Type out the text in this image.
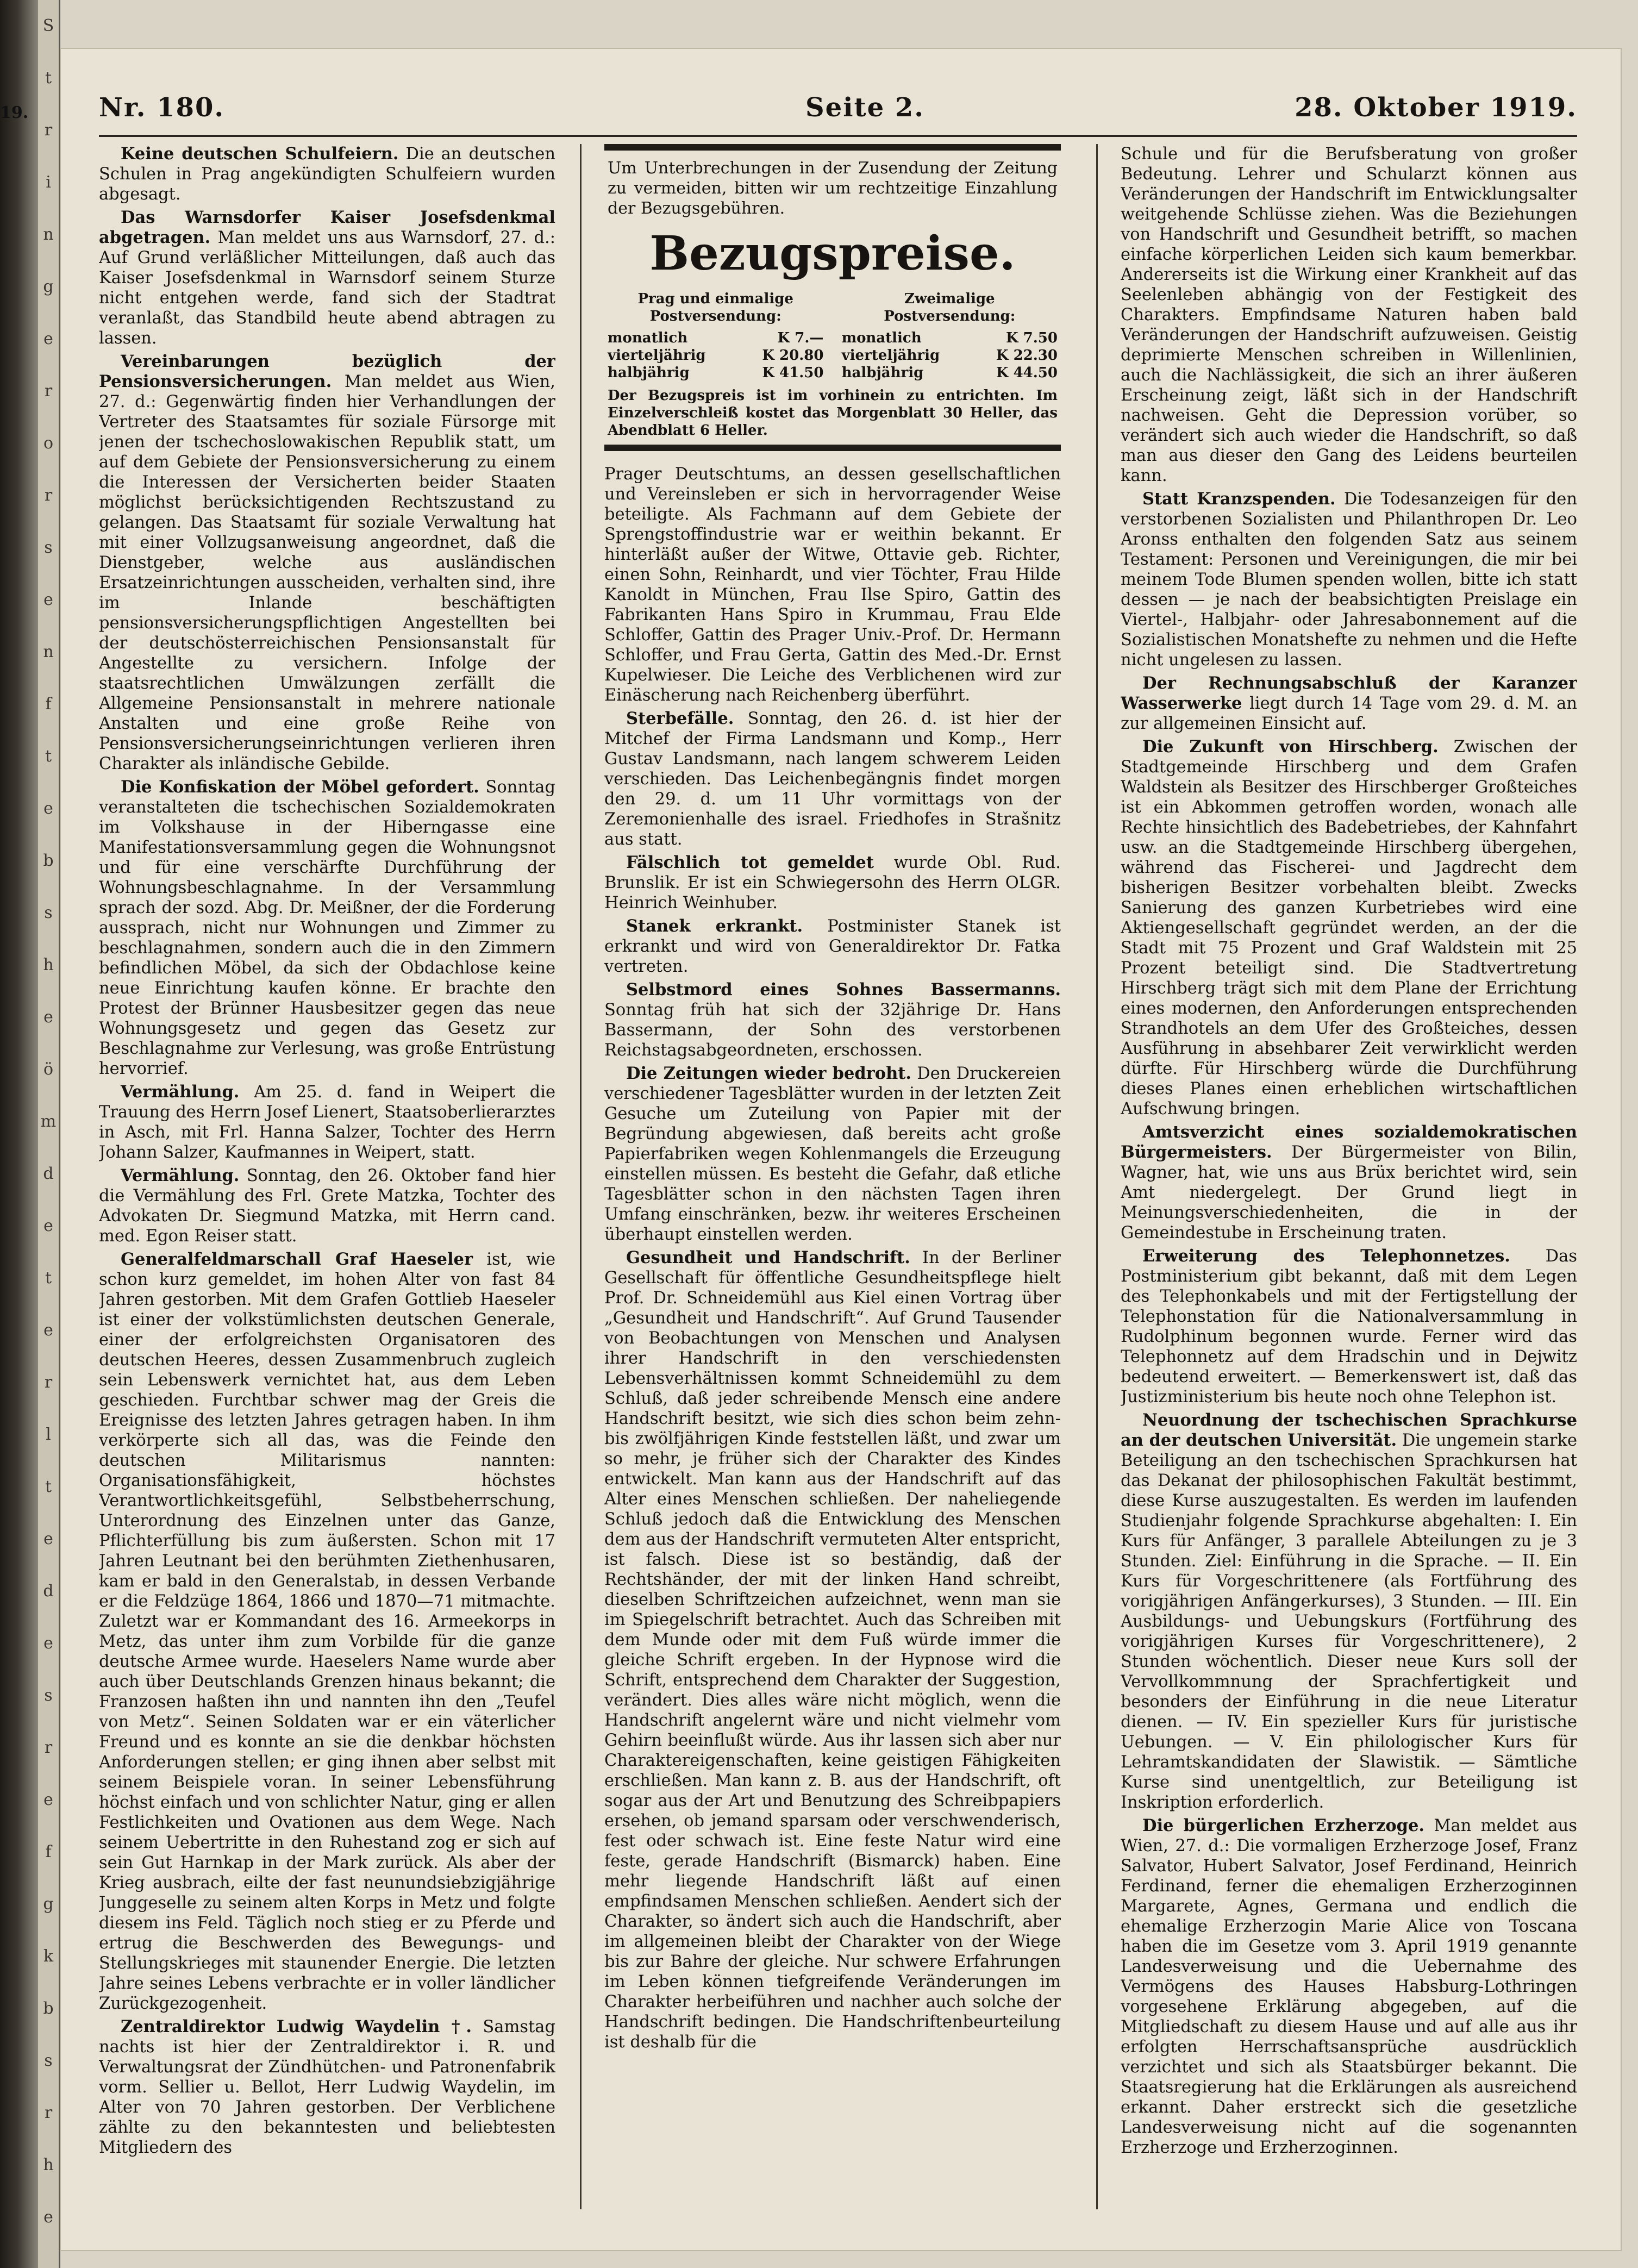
19.
S
t
r
i
n
g
e
r
o
r
s
e
n
f
t
e
b
s
h
e
ö
m
d
e
t
e
r
l
t
e
d
e
s
r
e
f
g
k
b
s
r
h
e
Nr. 180.	Seite 2.	28. Oktober 1919.

Keine deutschen Schulfeiern. Die an deutschen Schulen in Prag angekündigten Schulfeiern wurden abgesagt.

Das Warnsdorfer Kaiser Josefsdenkmal abgetragen. Man meldet uns aus Warnsdorf, 27. d.: Auf Grund verläßlicher Mitteilungen, daß auch das Kaiser Josefsdenkmal in Warnsdorf seinem Sturze nicht entgehen werde, fand sich der Stadtrat veranlaßt, das Standbild heute abend abtragen zu lassen.

Vereinbarungen bezüglich der Pensionsversicherungen. Man meldet aus Wien, 27. d.: Gegenwärtig finden hier Verhandlungen der Vertreter des Staatsamtes für soziale Fürsorge mit jenen der tschechoslowakischen Republik statt, um auf dem Gebiete der Pensionsversicherung zu einem die Interessen der Versicherten beider Staaten möglichst berücksichtigenden Rechtszustand zu gelangen. Das Staatsamt für soziale Verwaltung hat mit einer Vollzugsanweisung angeordnet, daß die Dienstgeber, welche aus ausländischen Ersatzeinrichtungen ausscheiden, verhalten sind, ihre im Inlande beschäftigten pensionsversicherungspflichtigen Angestellten bei der deutschösterreichischen Pensionsanstalt für Angestellte zu versichern. Infolge der staatsrechtlichen Umwälzungen zerfällt die Allgemeine Pensionsanstalt in mehrere nationale Anstalten und eine große Reihe von Pensionsversicherungseinrichtungen verlieren ihren Charakter als inländische Gebilde.

Die Konfiskation der Möbel gefordert. Sonntag veranstalteten die tschechischen Sozialdemokraten im Volkshause in der Hiberngasse eine Manifestationsversammlung gegen die Wohnungsnot und für eine verschärfte Durchführung der Wohnungsbeschlagnahme. In der Versammlung sprach der sozd. Abg. Dr. Meißner, der die Forderung aussprach, nicht nur Wohnungen und Zimmer zu beschlagnahmen, sondern auch die in den Zimmern befindlichen Möbel, da sich der Obdachlose keine neue Einrichtung kaufen könne. Er brachte den Protest der Brünner Hausbesitzer gegen das neue Wohnungsgesetz und gegen das Gesetz zur Beschlagnahme zur Verlesung, was große Entrüstung hervorrief.

Vermählung. Am 25. d. fand in Weipert die Trauung des Herrn Josef Lienert, Staatsoberlierarztes in Asch, mit Frl. Hanna Salzer, Tochter des Herrn Johann Salzer, Kaufmannes in Weipert, statt.

Vermählung. Sonntag, den 26. Oktober fand hier die Vermählung des Frl. Grete Matzka, Tochter des Advokaten Dr. Siegmund Matzka, mit Herrn cand. med. Egon Reiser statt.

Generalfeldmarschall Graf Haeseler ist, wie schon kurz gemeldet, im hohen Alter von fast 84 Jahren gestorben. Mit dem Grafen Gottlieb Haeseler ist einer der volkstümlichsten deutschen Generale, einer der erfolgreichsten Organisatoren des deutschen Heeres, dessen Zusammenbruch zugleich sein Lebenswerk vernichtet hat, aus dem Leben geschieden. Furchtbar schwer mag der Greis die Ereignisse des letzten Jahres getragen haben. In ihm verkörperte sich all das, was die Feinde den deutschen Militarismus nannten: Organisationsfähigkeit, höchstes Verantwortlichkeitsgefühl, Selbstbeherrschung, Unterordnung des Einzelnen unter das Ganze, Pflichterfüllung bis zum äußersten. Schon mit 17 Jahren Leutnant bei den berühmten Ziethenhusaren, kam er bald in den Generalstab, in dessen Verbande er die Feldzüge 1864, 1866 und 1870—71 mitmachte. Zuletzt war er Kommandant des 16. Armeekorps in Metz, das unter ihm zum Vorbilde für die ganze deutsche Armee wurde. Haeselers Name wurde aber auch über Deutschlands Grenzen hinaus bekannt; die Franzosen haßten ihn und nannten ihn den „Teufel von Metz“. Seinen Soldaten war er ein väterlicher Freund und es konnte an sie die denkbar höchsten Anforderungen stellen; er ging ihnen aber selbst mit seinem Beispiele voran. In seiner Lebensführung höchst einfach und von schlichter Natur, ging er allen Festlichkeiten und Ovationen aus dem Wege. Nach seinem Uebertritte in den Ruhestand zog er sich auf sein Gut Harnkap in der Mark zurück. Als aber der Krieg ausbrach, eilte der fast neunundsiebzigjährige Junggeselle zu seinem alten Korps in Metz und folgte diesem ins Feld. Täglich noch stieg er zu Pferde und ertrug die Beschwerden des Bewegungs- und Stellungskrieges mit staunender Energie. Die letzten Jahre seines Lebens verbrachte er in voller ländlicher Zurückgezogenheit.

Zentraldirektor Ludwig Waydelin †. Samstag nachts ist hier der Zentraldirektor i. R. und Verwaltungsrat der Zündhütchen- und Patronenfabrik vorm. Sellier u. Bellot, Herr Ludwig Waydelin, im Alter von 70 Jahren gestorben. Der Verblichene zählte zu den bekanntesten und beliebtesten Mitgliedern des

Um Unterbrechungen in der Zusendung der Zeitung zu vermeiden, bitten wir um rechtzeitige Einzahlung der Bezugsgebühren.
Bezugspreise.
Prag und einmalige Postversendung:
monatlich	K 7.—
vierteljährig	K 20.80
halbjährig	K 41.50
Zweimalige Postversendung:
monatlich	K 7.50
vierteljährig	K 22.30
halbjährig	K 44.50
Der Bezugspreis ist im vorhinein zu entrichten. Im Einzelverschleiß kostet das Morgenblatt 30 Heller, das Abendblatt 6 Heller.

Prager Deutschtums, an dessen gesellschaftlichen und Vereinsleben er sich in hervorragender Weise beteiligte. Als Fachmann auf dem Gebiete der Sprengstoffindustrie war er weithin bekannt. Er hinterläßt außer der Witwe, Ottavie geb. Richter, einen Sohn, Reinhardt, und vier Töchter, Frau Hilde Kanoldt in München, Frau Ilse Spiro, Gattin des Fabrikanten Hans Spiro in Krummau, Frau Elde Schloffer, Gattin des Prager Univ.-Prof. Dr. Hermann Schloffer, und Frau Gerta, Gattin des Med.-Dr. Ernst Kupelwieser. Die Leiche des Verblichenen wird zur Einäscherung nach Reichenberg überführt.

Sterbefälle. Sonntag, den 26. d. ist hier der Mitchef der Firma Landsmann und Komp., Herr Gustav Landsmann, nach langem schwerem Leiden verschieden. Das Leichenbegängnis findet morgen den 29. d. um 11 Uhr vormittags von der Zeremonienhalle des israel. Friedhofes in Strašnitz aus statt.

Fälschlich tot gemeldet wurde Obl. Rud. Brunslik. Er ist ein Schwiegersohn des Herrn OLGR. Heinrich Weinhuber.

Stanek erkrankt. Postminister Stanek ist erkrankt und wird von Generaldirektor Dr. Fatka vertreten.

Selbstmord eines Sohnes Bassermanns. Sonntag früh hat sich der 32jährige Dr. Hans Bassermann, der Sohn des verstorbenen Reichstagsabgeordneten, erschossen.

Die Zeitungen wieder bedroht. Den Druckereien verschiedener Tagesblätter wurden in der letzten Zeit Gesuche um Zuteilung von Papier mit der Begründung abgewiesen, daß bereits acht große Papierfabriken wegen Kohlenmangels die Erzeugung einstellen müssen. Es besteht die Gefahr, daß etliche Tagesblätter schon in den nächsten Tagen ihren Umfang einschränken, bezw. ihr weiteres Erscheinen überhaupt einstellen werden.

Gesundheit und Handschrift. In der Berliner Gesellschaft für öffentliche Gesundheitspflege hielt Prof. Dr. Schneidemühl aus Kiel einen Vortrag über „Gesundheit und Handschrift“. Auf Grund Tausender von Beobachtungen von Menschen und Analysen ihrer Handschrift in den verschiedensten Lebensverhältnissen kommt Schneidemühl zu dem Schluß, daß jeder schreibende Mensch eine andere Handschrift besitzt, wie sich dies schon beim zehn- bis zwölfjährigen Kinde feststellen läßt, und zwar um so mehr, je früher sich der Charakter des Kindes entwickelt. Man kann aus der Handschrift auf das Alter eines Menschen schließen. Der naheliegende Schluß jedoch daß die Entwicklung des Menschen dem aus der Handschrift vermuteten Alter entspricht, ist falsch. Diese ist so beständig, daß der Rechtshänder, der mit der linken Hand schreibt, dieselben Schriftzeichen aufzeichnet, wenn man sie im Spiegelschrift betrachtet. Auch das Schreiben mit dem Munde oder mit dem Fuß würde immer die gleiche Schrift ergeben. In der Hypnose wird die Schrift, entsprechend dem Charakter der Suggestion, verändert. Dies alles wäre nicht möglich, wenn die Handschrift angelernt wäre und nicht vielmehr vom Gehirn beeinflußt würde. Aus ihr lassen sich aber nur Charaktereigenschaften, keine geistigen Fähigkeiten erschließen. Man kann z. B. aus der Handschrift, oft sogar aus der Art und Benutzung des Schreibpapiers ersehen, ob jemand sparsam oder verschwenderisch, fest oder schwach ist. Eine feste Natur wird eine feste, gerade Handschrift (Bismarck) haben. Eine mehr liegende Handschrift läßt auf einen empfindsamen Menschen schließen. Aendert sich der Charakter, so ändert sich auch die Handschrift, aber im allgemeinen bleibt der Charakter von der Wiege bis zur Bahre der gleiche. Nur schwere Erfahrungen im Leben können tiefgreifende Veränderungen im Charakter herbeiführen und nachher auch solche der Handschrift bedingen. Die Handschriftenbeurteilung ist deshalb für die

Schule und für die Berufsberatung von großer Bedeutung. Lehrer und Schularzt können aus Veränderungen der Handschrift im Entwicklungsalter weitgehende Schlüsse ziehen. Was die Beziehungen von Handschrift und Gesundheit betrifft, so machen einfache körperlichen Leiden sich kaum bemerkbar. Andererseits ist die Wirkung einer Krankheit auf das Seelenleben abhängig von der Festigkeit des Charakters. Empfindsame Naturen haben bald Veränderungen der Handschrift aufzuweisen. Geistig deprimierte Menschen schreiben in Willenlinien, auch die Nachlässigkeit, die sich an ihrer äußeren Erscheinung zeigt, läßt sich in der Handschrift nachweisen. Geht die Depression vorüber, so verändert sich auch wieder die Handschrift, so daß man aus dieser den Gang des Leidens beurteilen kann.

Statt Kranzspenden. Die Todesanzeigen für den verstorbenen Sozialisten und Philanthropen Dr. Leo Aronss enthalten den folgenden Satz aus seinem Testament: Personen und Vereinigungen, die mir bei meinem Tode Blumen spenden wollen, bitte ich statt dessen — je nach der beabsichtigten Preislage ein Viertel-, Halbjahr- oder Jahresabonnement auf die Sozialistischen Monatshefte zu nehmen und die Hefte nicht ungelesen zu lassen.

Der Rechnungsabschluß der Karanzer Wasserwerke liegt durch 14 Tage vom 29. d. M. an zur allgemeinen Einsicht auf.

Die Zukunft von Hirschberg. Zwischen der Stadtgemeinde Hirschberg und dem Grafen Waldstein als Besitzer des Hirschberger Großteiches ist ein Abkommen getroffen worden, wonach alle Rechte hinsichtlich des Badebetriebes, der Kahnfahrt usw. an die Stadtgemeinde Hirschberg übergehen, während das Fischerei- und Jagdrecht dem bisherigen Besitzer vorbehalten bleibt. Zwecks Sanierung des ganzen Kurbetriebes wird eine Aktiengesellschaft gegründet werden, an der die Stadt mit 75 Prozent und Graf Waldstein mit 25 Prozent beteiligt sind. Die Stadtvertretung Hirschberg trägt sich mit dem Plane der Errichtung eines modernen, den Anforderungen entsprechenden Strandhotels an dem Ufer des Großteiches, dessen Ausführung in absehbarer Zeit verwirklicht werden dürfte. Für Hirschberg würde die Durchführung dieses Planes einen erheblichen wirtschaftlichen Aufschwung bringen.

Amtsverzicht eines sozialdemokratischen Bürgermeisters. Der Bürgermeister von Bilin, Wagner, hat, wie uns aus Brüx berichtet wird, sein Amt niedergelegt. Der Grund liegt in Meinungsverschiedenheiten, die in der Gemeindestube in Erscheinung traten.

Erweiterung des Telephonnetzes. Das Postministerium gibt bekannt, daß mit dem Legen des Telephonkabels und mit der Fertigstellung der Telephonstation für die Nationalversammlung in Rudolphinum begonnen wurde. Ferner wird das Telephonnetz auf dem Hradschin und in Dejwitz bedeutend erweitert. — Bemerkenswert ist, daß das Justizministerium bis heute noch ohne Telephon ist.

Neuordnung der tschechischen Sprachkurse an der deutschen Universität. Die ungemein starke Beteiligung an den tschechischen Sprachkursen hat das Dekanat der philosophischen Fakultät bestimmt, diese Kurse auszugestalten. Es werden im laufenden Studienjahr folgende Sprachkurse abgehalten: I. Ein Kurs für Anfänger, 3 parallele Abteilungen zu je 3 Stunden. Ziel: Einführung in die Sprache. — II. Ein Kurs für Vorgeschrittenere (als Fortführung des vorigjährigen Anfängerkurses), 3 Stunden. — III. Ein Ausbildungs- und Uebungskurs (Fortführung des vorigjährigen Kurses für Vorgeschrittenere), 2 Stunden wöchentlich. Dieser neue Kurs soll der Vervollkommnung der Sprachfertigkeit und besonders der Einführung in die neue Literatur dienen. — IV. Ein spezieller Kurs für juristische Uebungen. — V. Ein philologischer Kurs für Lehramtskandidaten der Slawistik. — Sämtliche Kurse sind unentgeltlich, zur Beteiligung ist Inskription erforderlich.

Die bürgerlichen Erzherzoge. Man meldet aus Wien, 27. d.: Die vormaligen Erzherzoge Josef, Franz Salvator, Hubert Salvator, Josef Ferdinand, Heinrich Ferdinand, ferner die ehemaligen Erzherzoginnen Margarete, Agnes, Germana und endlich die ehemalige Erzherzogin Marie Alice von Toscana haben die im Gesetze vom 3. April 1919 genannte Landesverweisung und die Uebernahme des Vermögens des Hauses Habsburg-Lothringen vorgesehene Erklärung abgegeben, auf die Mitgliedschaft zu diesem Hause und auf alle aus ihr erfolgten Herrschaftsansprüche ausdrücklich verzichtet und sich als Staatsbürger bekannt. Die Staatsregierung hat die Erklärungen als ausreichend erkannt. Daher erstreckt sich die gesetzliche Landesverweisung nicht auf die sogenannten Erzherzoge und Erzherzoginnen.
